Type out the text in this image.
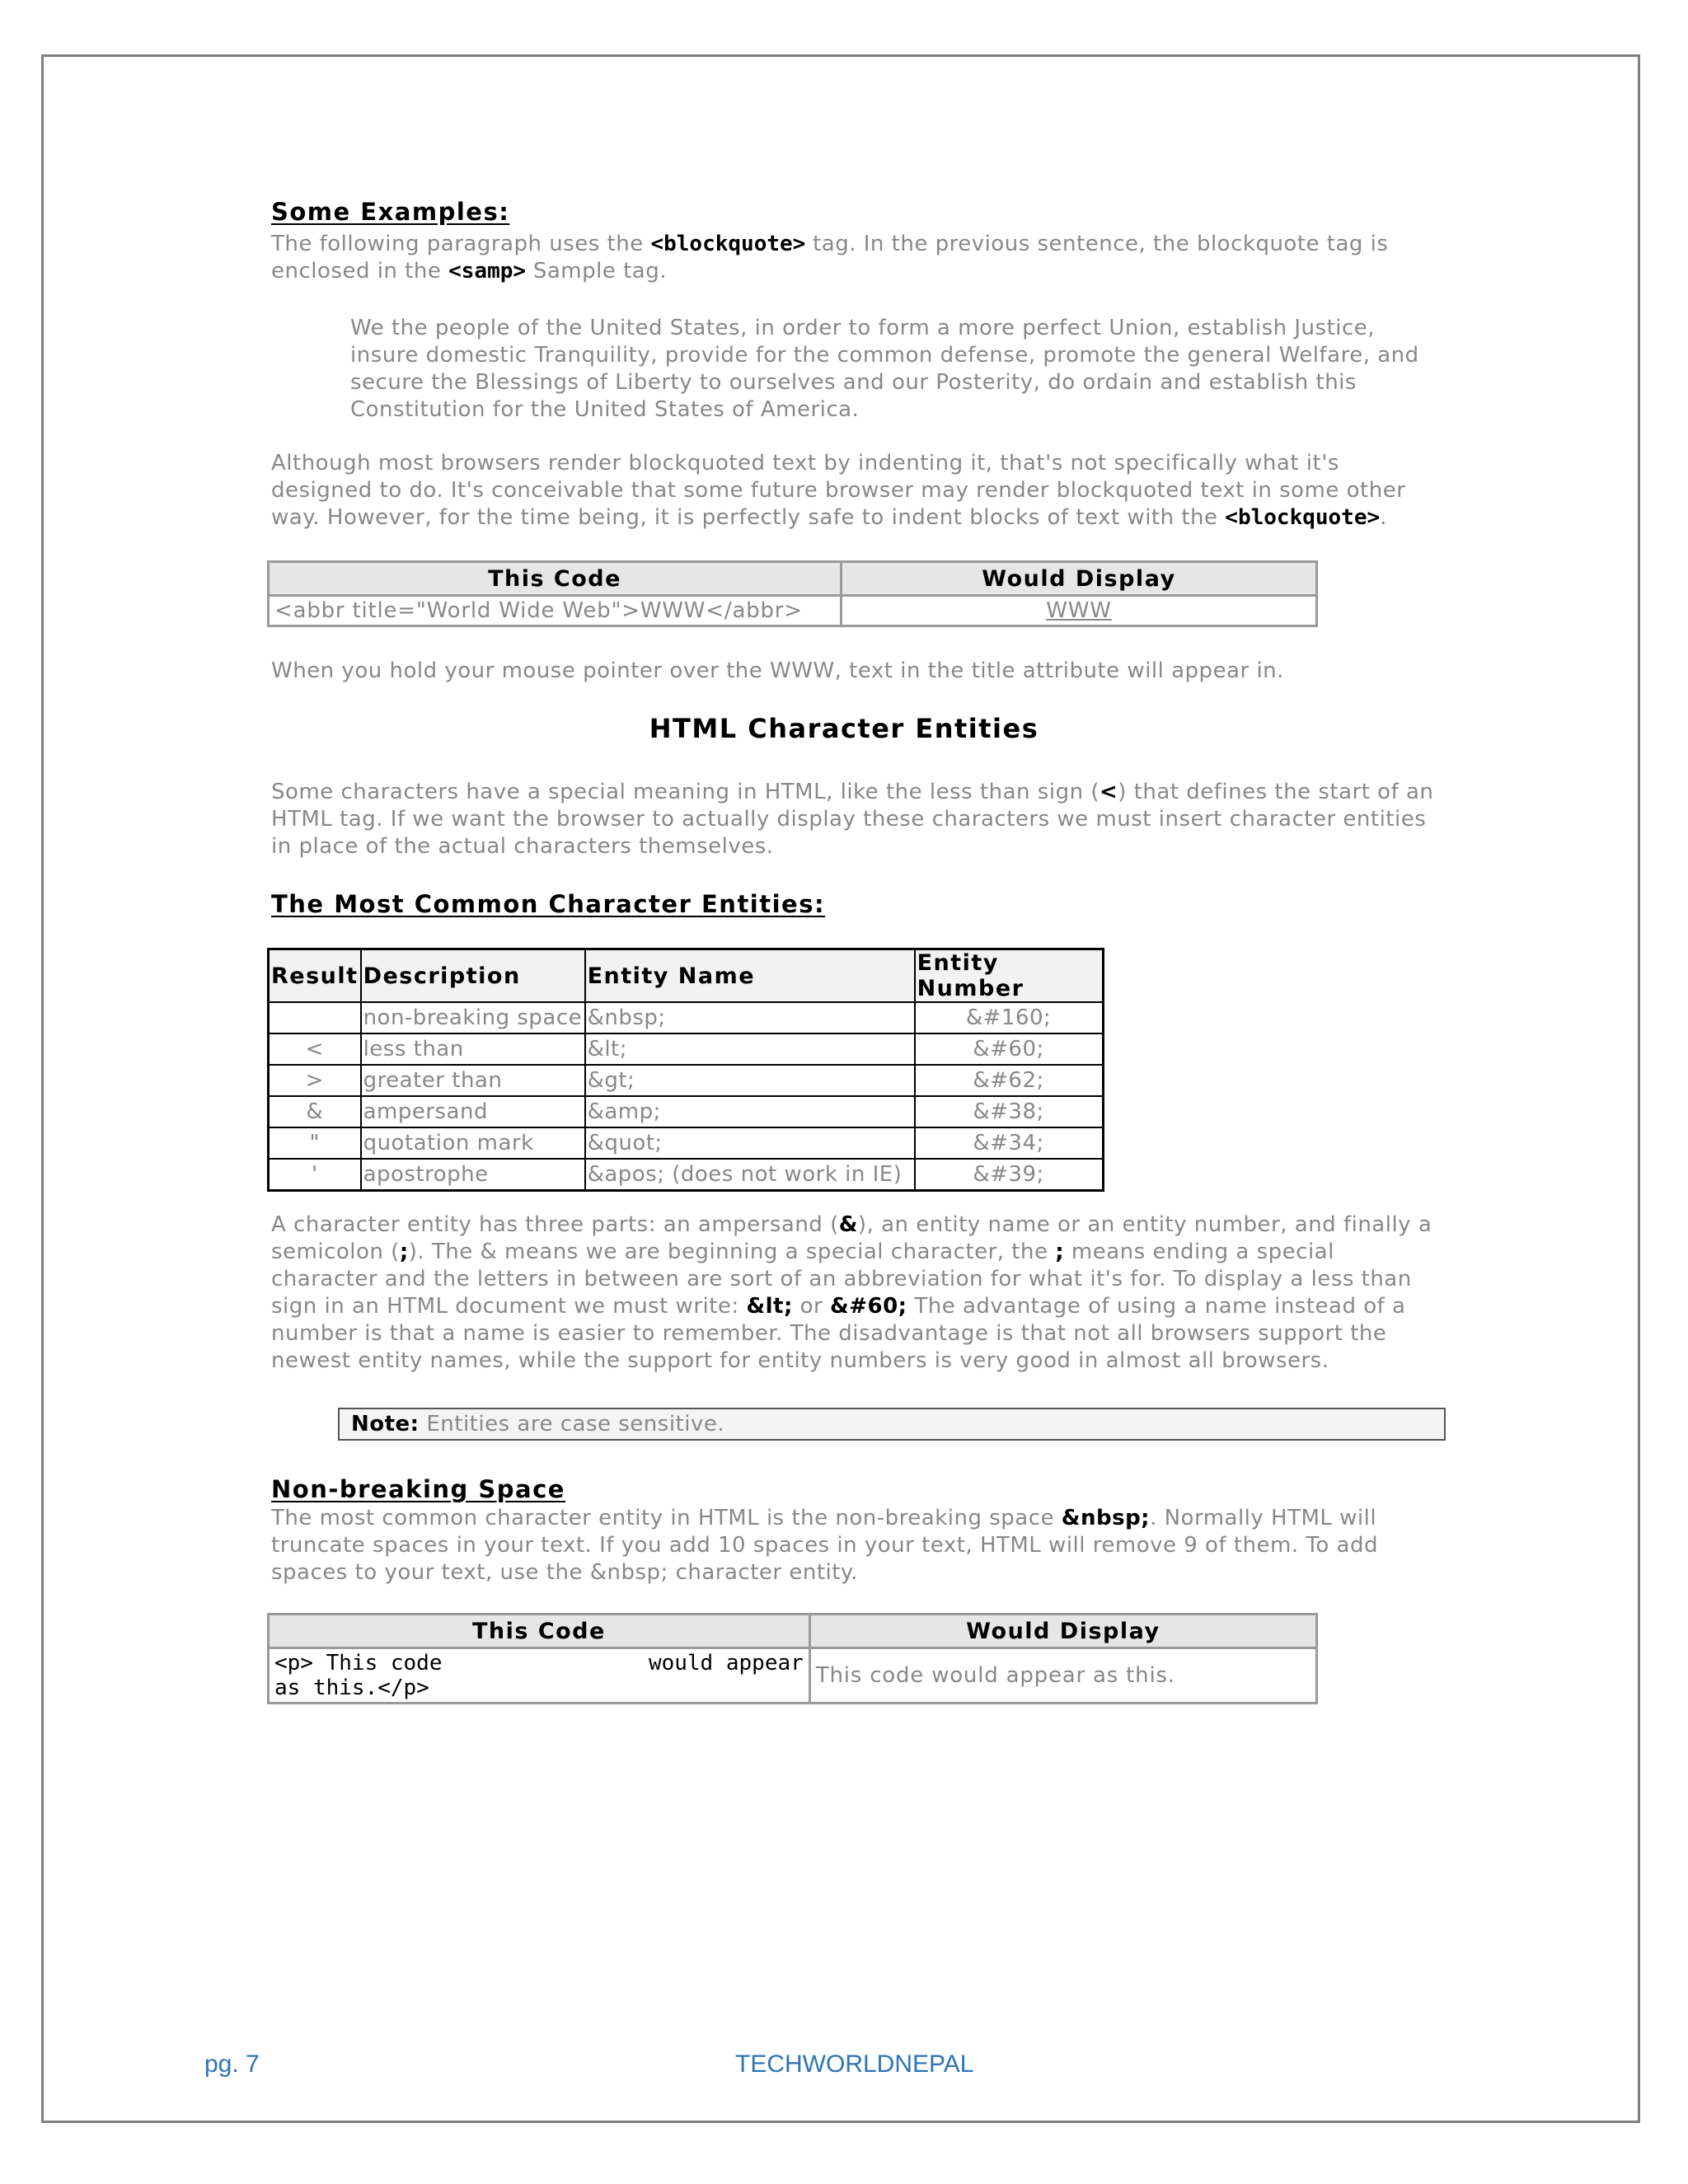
Some Examples:

The following paragraph uses the <blockquote> tag. In the previous sentence, the blockquote tag is enclosed in the <samp> Sample tag.

We the people of the United States, in order to form a more perfect Union, establish Justice, insure domestic Tranquility, provide for the common defense, promote the general Welfare, and secure the Blessings of Liberty to ourselves and our Posterity, do ordain and establish this Constitution for the United States of America.

Although most browsers render blockquoted text by indenting it, that's not specifically what it's designed to do. It's conceivable that some future browser may render blockquoted text in some other way. However, for the time being, it is perfectly safe to indent blocks of text with the <blockquote>.

This Code	Would Display
<abbr title="World Wide Web">WWW</abbr>	WWW

When you hold your mouse pointer over the WWW, text in the title attribute will appear in.

HTML Character Entities

Some characters have a special meaning in HTML, like the less than sign (<) that defines the start of an HTML tag. If we want the browser to actually display these characters we must insert character entities in place of the actual characters themselves.

The Most Common Character Entities:
Result	Description	Entity Name	Entity Number
	non-breaking space	&nbsp;	&#160;
<	less than	&lt;	&#60;
>	greater than	&gt;	&#62;
&	ampersand	&amp;	&#38;
"	quotation mark	&quot;	&#34;
'	apostrophe	&apos; (does not work in IE)	&#39;

A character entity has three parts: an ampersand (&), an entity name or an entity number, and finally a semicolon (;). The & means we are beginning a special character, the ; means ending a special character and the letters in between are sort of an abbreviation for what it's for. To display a less than sign in an HTML document we must write: &lt; or &#60; The advantage of using a name instead of a number is that a name is easier to remember. The disadvantage is that not all browsers support the newest entity names, while the support for entity numbers is very good in almost all browsers.

Note: Entities are case sensitive.
Non-breaking Space

The most common character entity in HTML is the non-breaking space &nbsp;. Normally HTML will truncate spaces in your text. If you add 10 spaces in your text, HTML will remove 9 of them. To add spaces to your text, use the &nbsp; character entity.

This Code	Would Display
<p> This code                would appear
as this.</p>	This code would appear as this.
pg. 7	TECHWORLDNEPAL
